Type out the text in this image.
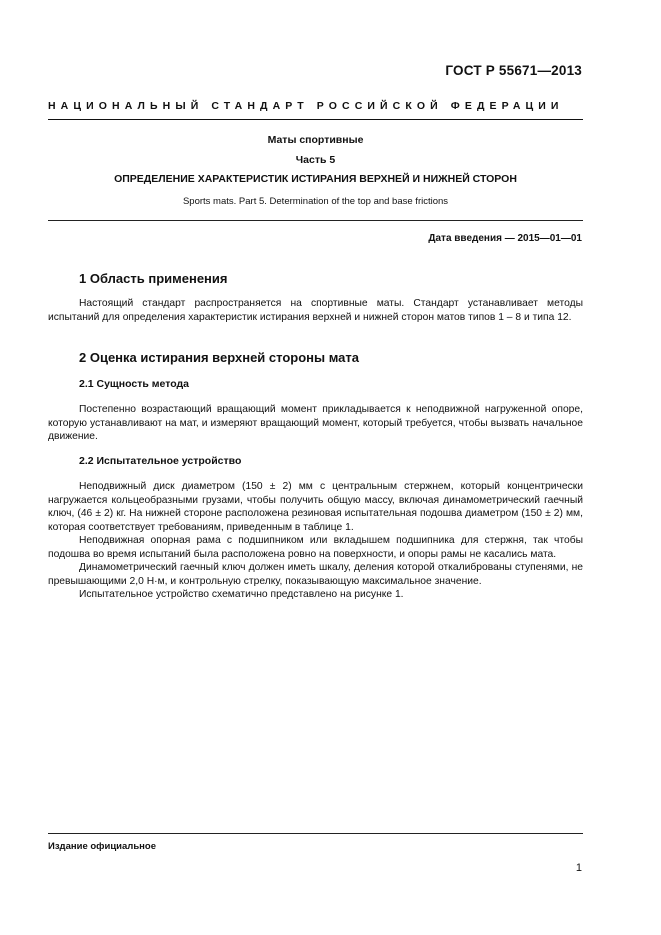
ГОСТ Р 55671—2013
НАЦИОНАЛЬНЫЙ СТАНДАРТ РОССИЙСКОЙ ФЕДЕРАЦИИ
Маты спортивные
Часть 5
ОПРЕДЕЛЕНИЕ ХАРАКТЕРИСТИК ИСТИРАНИЯ ВЕРХНЕЙ И НИЖНЕЙ СТОРОН
Sports mats. Part 5. Determination of the top and base frictions
Дата введения — 2015—01—01
1 Область применения

Настоящий стандарт распространяется на спортивные маты. Стандарт устанавливает методы испытаний для определения характеристик истирания верхней и нижней сторон матов типов 1 – 8 и типа 12.

2 Оценка истирания верхней стороны мата
2.1 Сущность метода

Постепенно возрастающий вращающий момент прикладывается к неподвижной нагруженной опоре, которую устанавливают на мат, и измеряют вращающий момент, который требуется, чтобы вызвать начальное движение.

2.2 Испытательное устройство

Неподвижный диск диаметром (150 ± 2) мм с центральным стержнем, который концентрически нагружается кольцеобразными грузами, чтобы получить общую массу, включая динамометрический гаечный ключ, (46 ± 2) кг. На нижней стороне расположена резиновая испытательная подошва диаметром (150 ± 2) мм, которая соответствует требованиям, приведенным в таблице 1.

Неподвижная опорная рама с подшипником или вкладышем подшипника для стержня, так чтобы подошва во время испытаний была расположена ровно на поверхности, и опоры рамы не касались мата.

Динамометрический гаечный ключ должен иметь шкалу, деления которой откалиброваны ступенями, не превышающими 2,0 Н·м, и контрольную стрелку, показывающую максимальное значение.

Испытательное устройство схематично представлено на рисунке 1.

Издание официальное
1
